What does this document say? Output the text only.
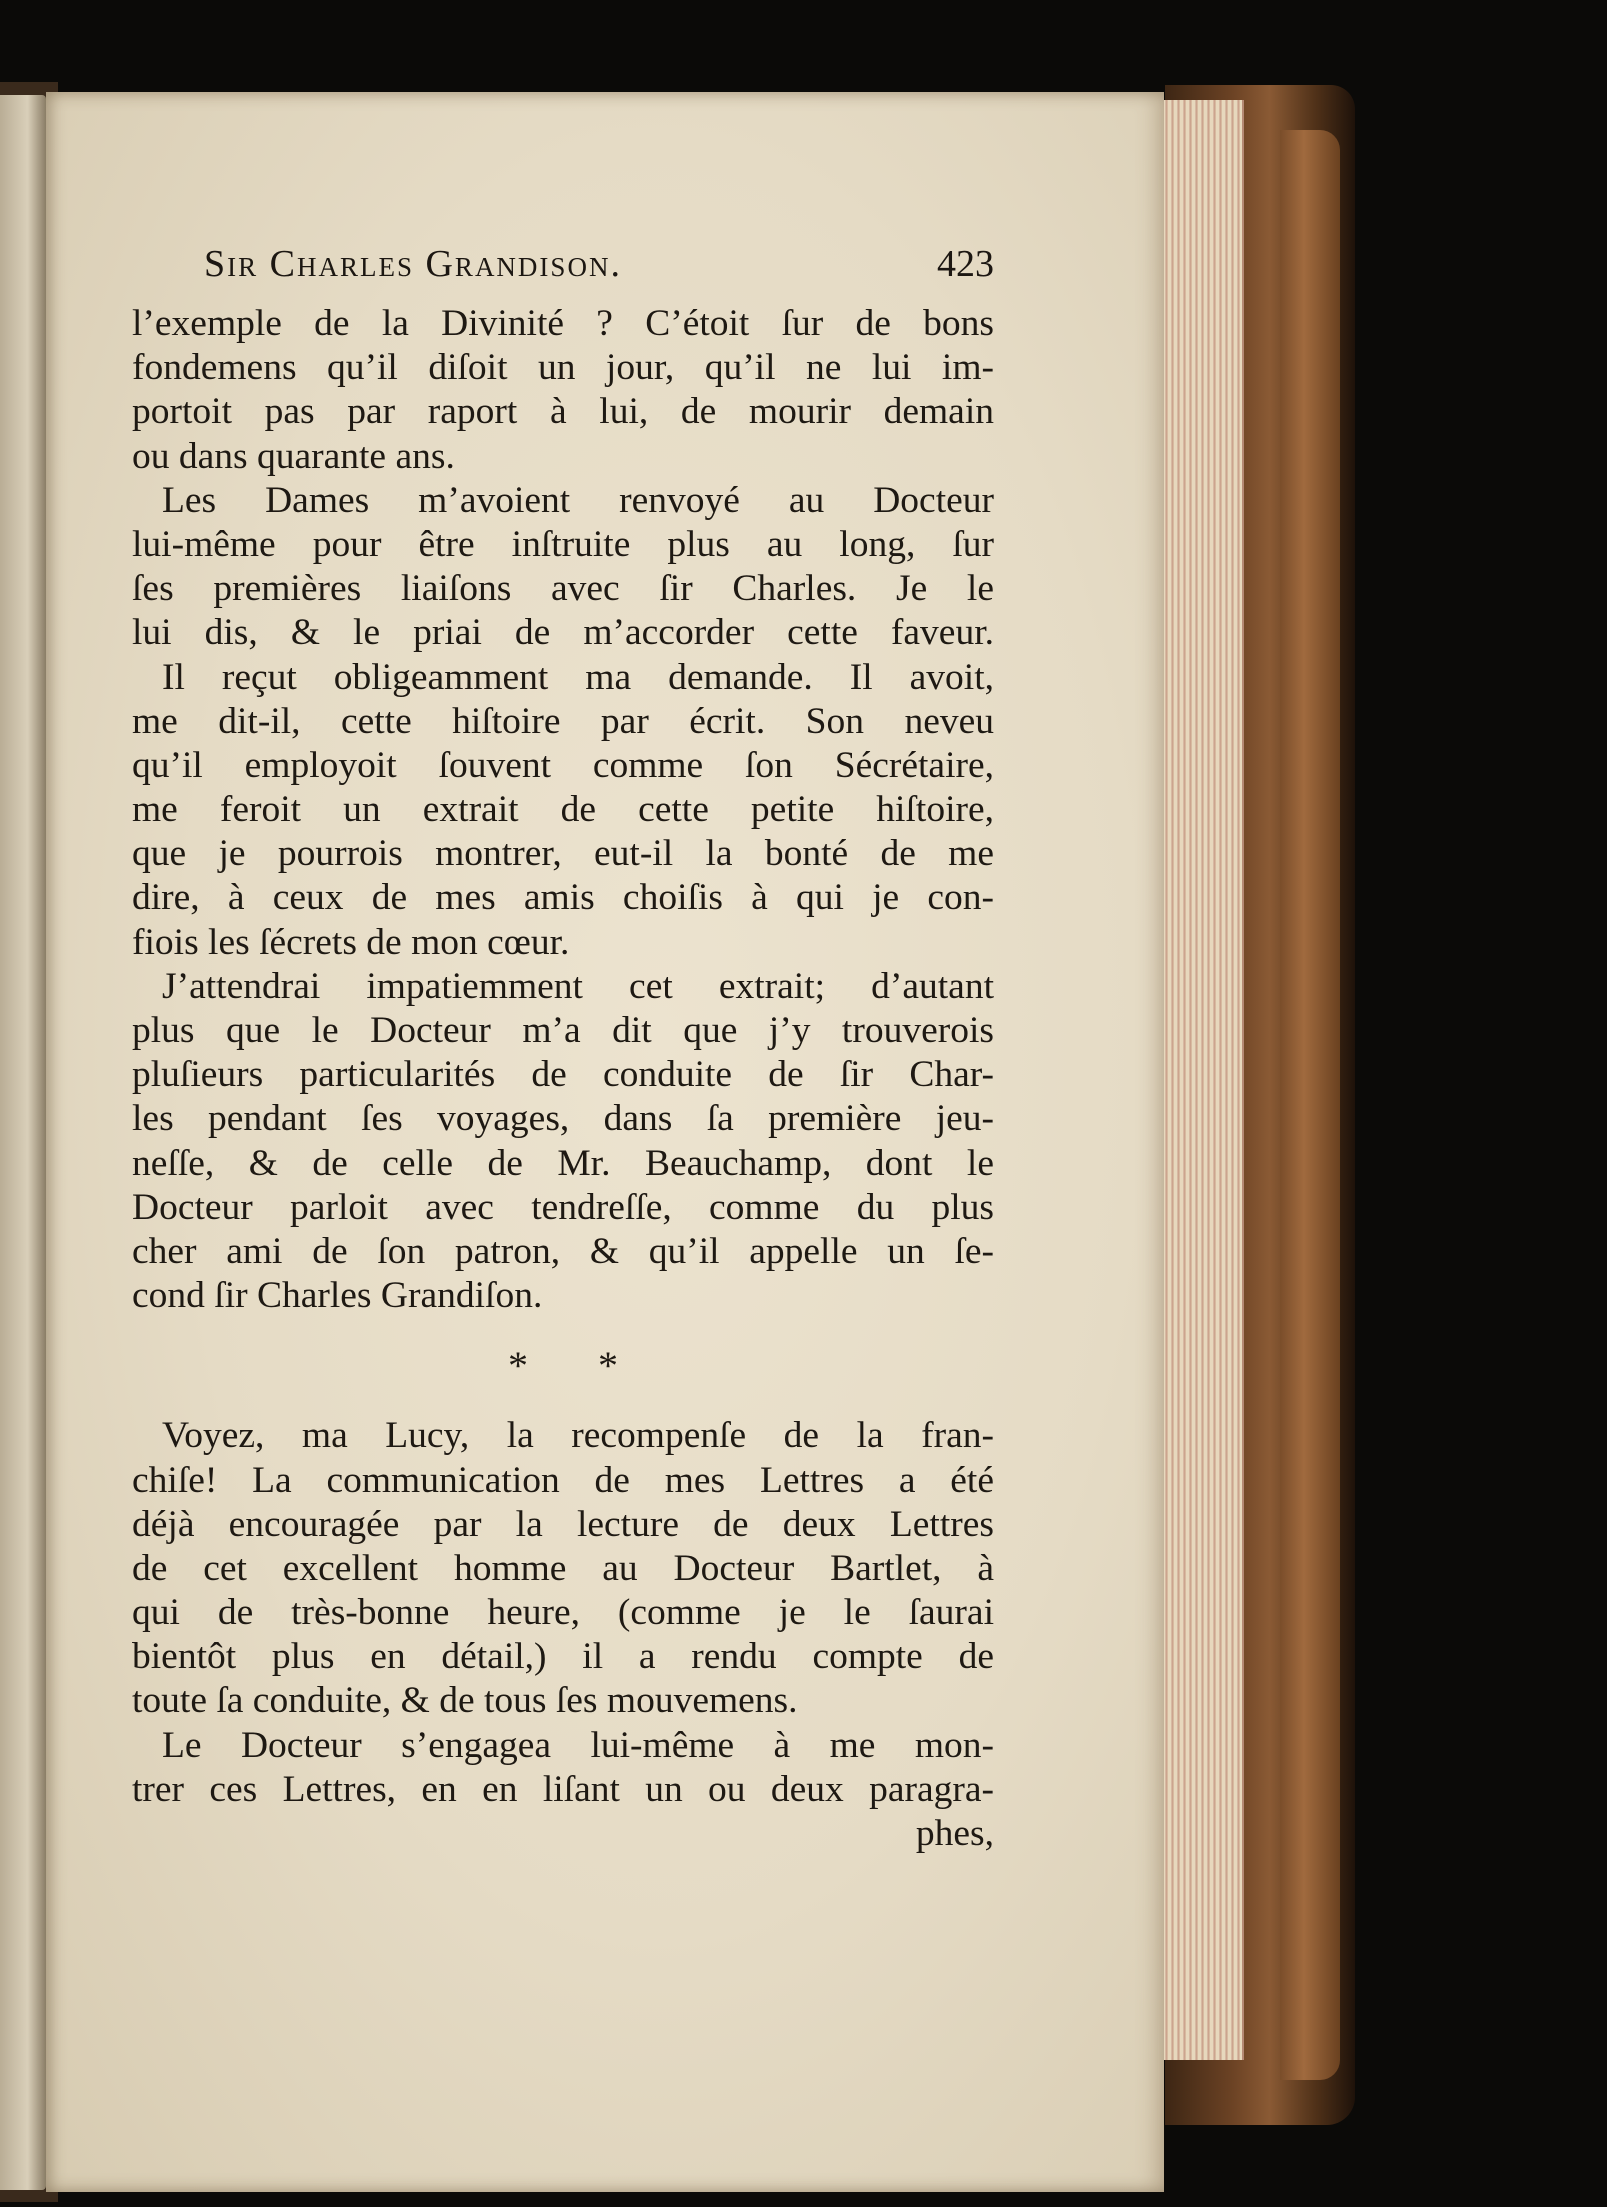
Sir Charles Grandison.	423
l’exemple de la Divinité ? C’étoit ſur de bons
fondemens qu’il diſoit un jour, qu’il ne lui im-
portoit pas par raport à lui, de mourir demain
ou dans quarante ans.
Les Dames m’avoient renvoyé au Docteur
lui-même pour être inſtruite plus au long, ſur
ſes premières liaiſons avec ſir Charles. Je le
lui dis, & le priai de m’accorder cette faveur.
Il reçut obligeamment ma demande. Il avoit,
me dit-il, cette hiſtoire par écrit. Son neveu
qu’il employoit ſouvent comme ſon Sécrétaire,
me feroit un extrait de cette petite hiſtoire,
que je pourrois montrer, eut-il la bonté de me
dire, à ceux de mes amis choiſis à qui je con-
fiois les ſécrets de mon cœur.
J’attendrai impatiemment cet extrait; d’autant
plus que le Docteur m’a dit que j’y trouverois
pluſieurs particularités de conduite de ſir Char-
les pendant ſes voyages, dans ſa première jeu-
neſſe, & de celle de Mr. Beauchamp, dont le
Docteur parloit avec tendreſſe, comme du plus
cher ami de ſon patron, & qu’il appelle un ſe-
cond ſir Charles Grandiſon.
* *
Voyez, ma Lucy, la recompenſe de la fran-
chiſe! La communication de mes Lettres a été
déjà encouragée par la lecture de deux Lettres
de cet excellent homme au Docteur Bartlet, à
qui de très-bonne heure, (comme je le ſaurai
bientôt plus en détail,) il a rendu compte de
toute ſa conduite, & de tous ſes mouvemens.
Le Docteur s’engagea lui-même à me mon-
trer ces Lettres, en en liſant un ou deux paragra-
phes,
